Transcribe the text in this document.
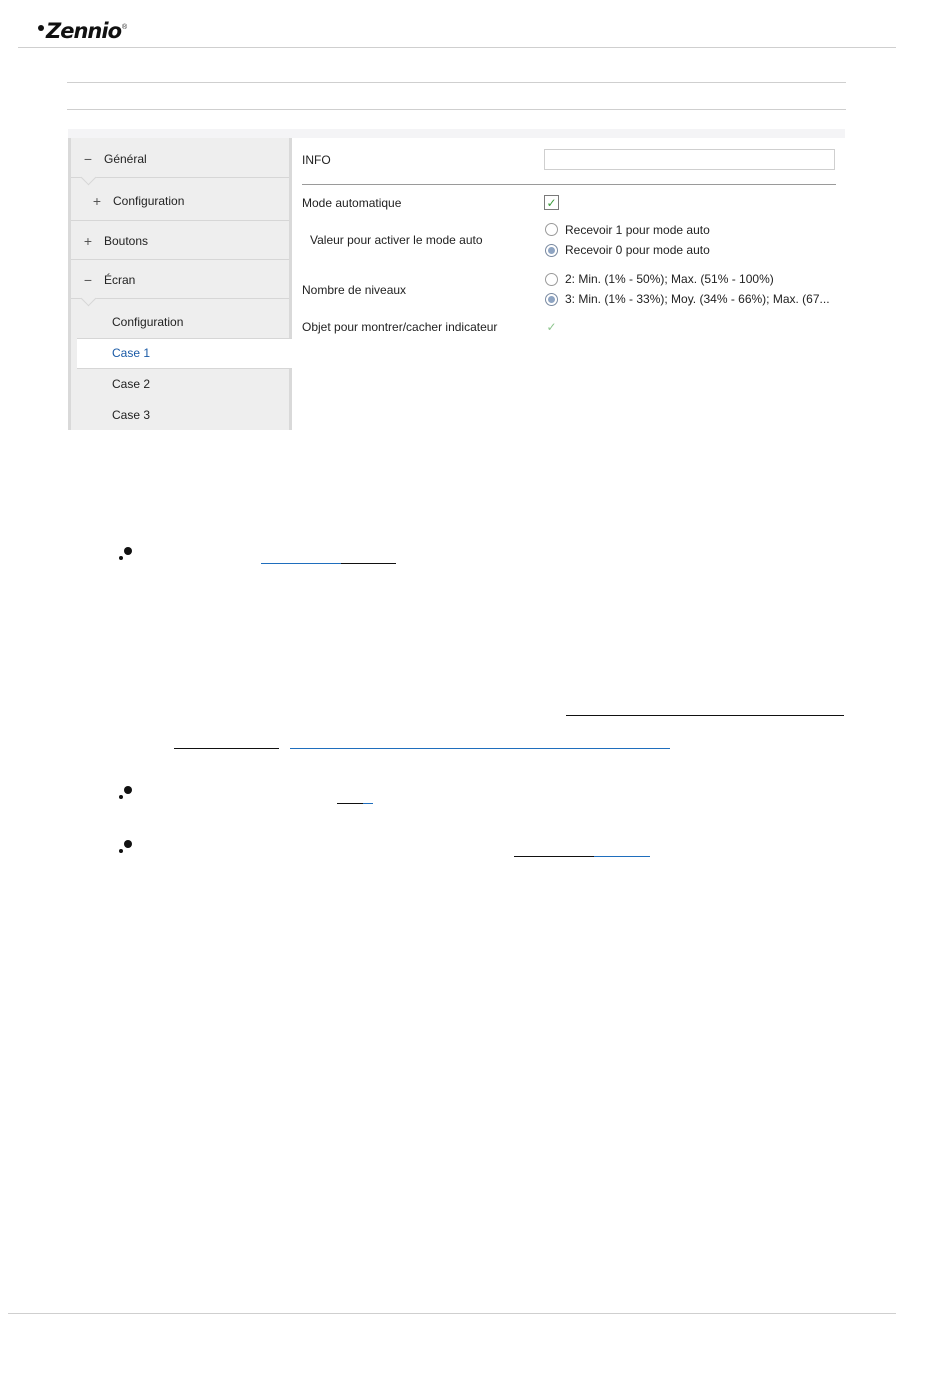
Zennio ®
− Général
+ Configuration
+ Boutons
− Écran
Configuration
Case 1
Case 2
Case 3
INFO
Mode automatique	✓
Valeur pour activer le mode auto
Recevoir 1 pour mode auto
Recevoir 0 pour mode auto
Nombre de niveaux
2: Min. (1% - 50%); Max. (51% - 100%)
3: Min. (1% - 33%); Moy. (34% - 66%); Max. (67...
Objet pour montrer/cacher indicateur	✓
